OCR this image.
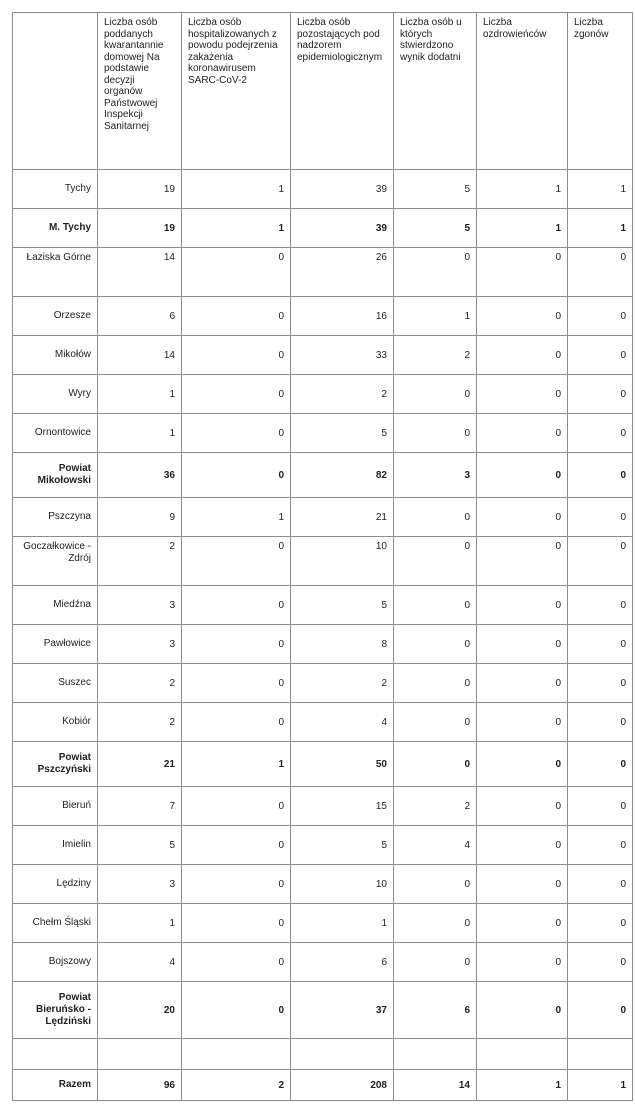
	Liczba osób poddanych kwarantannie domowej Na podstawie decyzji organów Państwowej Inspekcji Sanitarnej	Liczba osób hospitalizowanych z powodu podejrzenia zakażenia koronawirusem SARC-CoV-2	Liczba osób pozostających pod nadzorem epidemiologicznym	Liczba osób u których stwierdzono wynik dodatni	Liczba ozdrowieńców	Liczba zgonów
Tychy	19	1	39	5	1	1
M. Tychy	19	1	39	5	1	1
Łaziska Górne	14	0	26	0	0	0
Orzesze	6	0	16	1	0	0
Mikołów	14	0	33	2	0	0
Wyry	1	0	2	0	0	0
Ornontowice	1	0	5	0	0	0
Powiat Mikołowski	36	0	82	3	0	0
Pszczyna	9	1	21	0	0	0
Goczałkowice - Zdrój	2	0	10	0	0	0
Miedźna	3	0	5	0	0	0
Pawłowice	3	0	8	0	0	0
Suszec	2	0	2	0	0	0
Kobiór	2	0	4	0	0	0
Powiat Pszczyński	21	1	50	0	0	0
Bieruń	7	0	15	2	0	0
Imielin	5	0	5	4	0	0
Lędziny	3	0	10	0	0	0
Chełm Śląski	1	0	1	0	0	0
Bojszowy	4	0	6	0	0	0
Powiat Bieruńsko - Lędziński	20	0	37	6	0	0

Razem	96	2	208	14	1	1
